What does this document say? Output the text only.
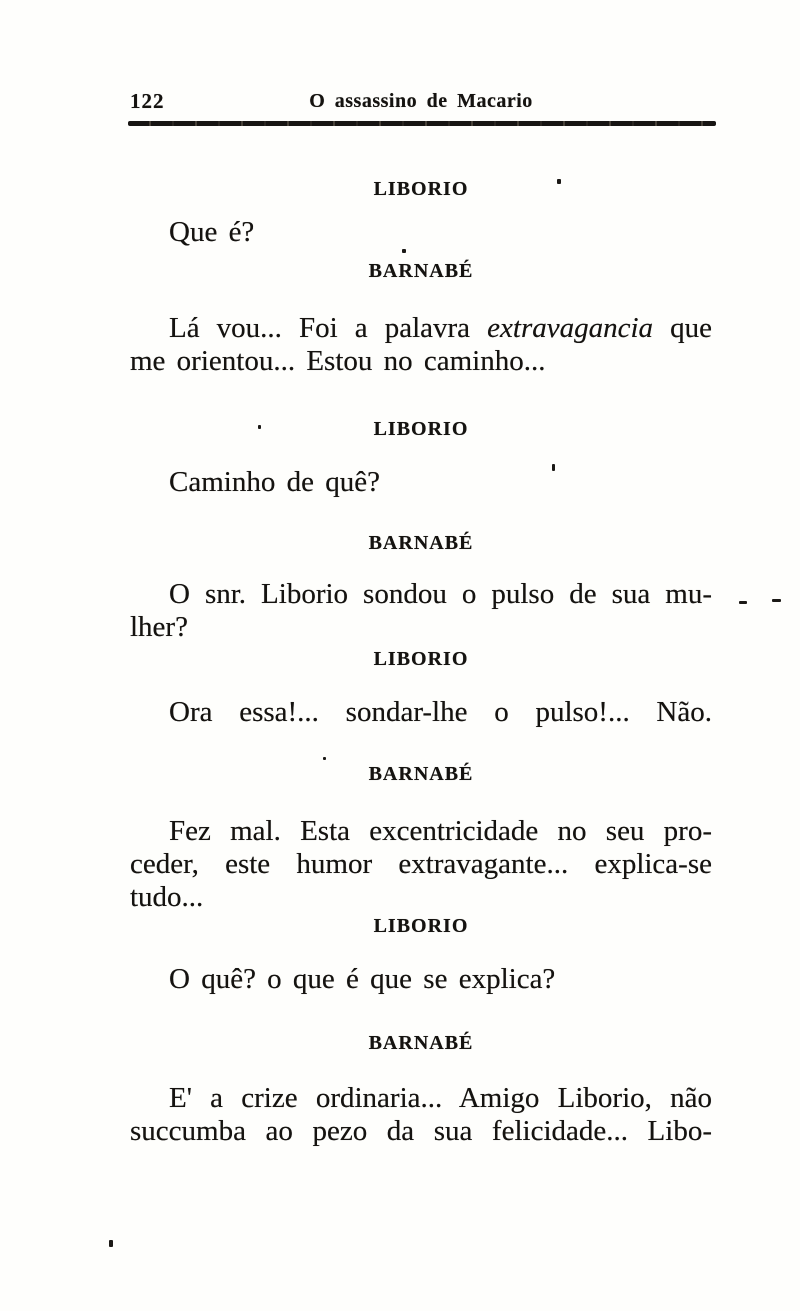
122	O assassino de Macario
LIBORIO
Que é?
BARNABÉ
Lá vou... Foi a palavra extravagancia que
me orientou... Estou no caminho...
LIBORIO
Caminho de quê?
BARNABÉ
O snr. Liborio sondou o pulso de sua mu-
lher?
LIBORIO
Ora essa!... sondar-lhe o pulso!... Não.
BARNABÉ
Fez mal. Esta excentricidade no seu pro-
ceder, este humor extravagante... explica-se
tudo...
LIBORIO
O quê? o que é que se explica?
BARNABÉ
E' a crize ordinaria... Amigo Liborio, não
succumba ao pezo da sua felicidade... Libo-
